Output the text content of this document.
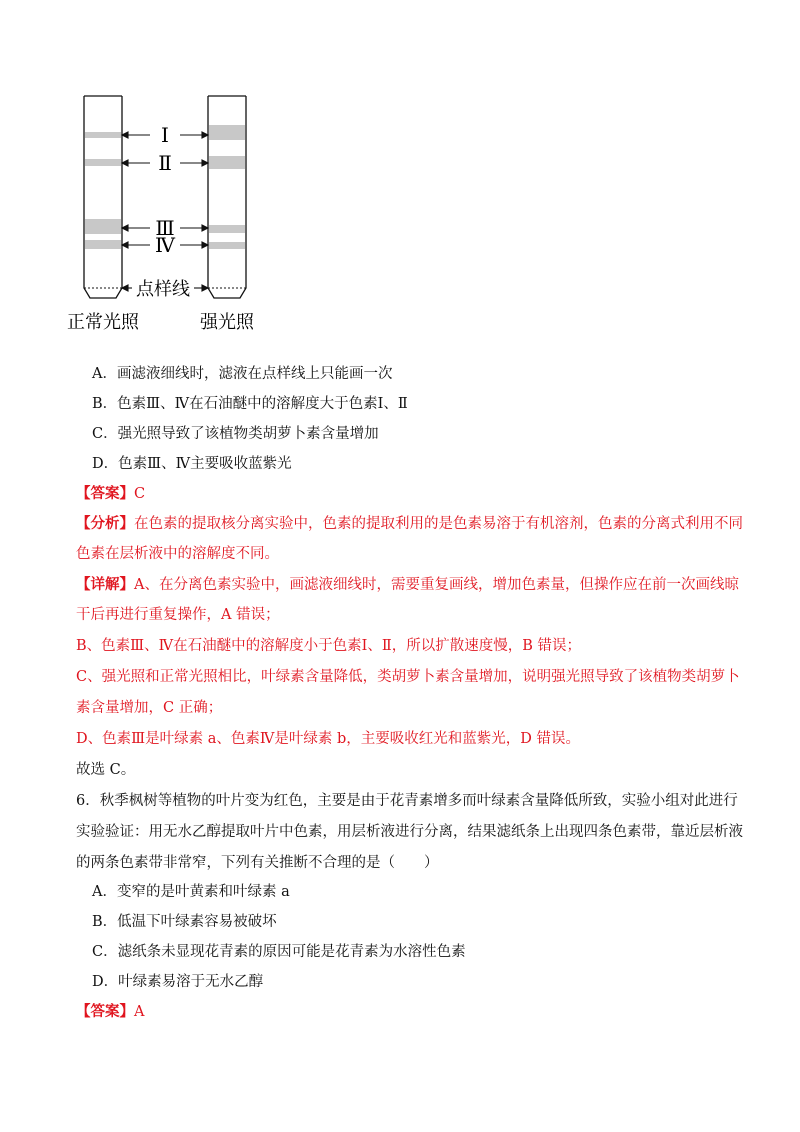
Ⅰ
Ⅱ
Ⅲ
Ⅳ
点样线
正常光照	强光照
A．画滤液细线时，滤液在点样线上只能画一次
B．色素Ⅲ、Ⅳ在石油醚中的溶解度大于色素Ⅰ、Ⅱ
C．强光照导致了该植物类胡萝卜素含量增加
D．色素Ⅲ、Ⅳ主要吸收蓝紫光
【答案】C
【分析】在色素的提取核分离实验中，色素的提取利用的是色素易溶于有机溶剂，色素的分离式利用不同
色素在层析液中的溶解度不同。
【详解】A、在分离色素实验中，画滤液细线时，需要重复画线，增加色素量，但操作应在前一次画线晾
干后再进行重复操作，A 错误；
B、色素Ⅲ、Ⅳ在石油醚中的溶解度小于色素Ⅰ、Ⅱ，所以扩散速度慢，B 错误；
C、强光照和正常光照相比，叶绿素含量降低，类胡萝卜素含量增加，说明强光照导致了该植物类胡萝卜
素含量增加，C 正确；
D、色素Ⅲ是叶绿素 a、色素Ⅳ是叶绿素 b，主要吸收红光和蓝紫光，D 错误。
故选 C。
6．秋季枫树等植物的叶片变为红色，主要是由于花青素增多而叶绿素含量降低所致，实验小组对此进行
实验验证：用无水乙醇提取叶片中色素，用层析液进行分离，结果滤纸条上出现四条色素带，靠近层析液
的两条色素带非常窄，下列有关推断不合理的是（　　）
A．变窄的是叶黄素和叶绿素 a
B．低温下叶绿素容易被破坏
C．滤纸条未显现花青素的原因可能是花青素为水溶性色素
D．叶绿素易溶于无水乙醇
【答案】A
